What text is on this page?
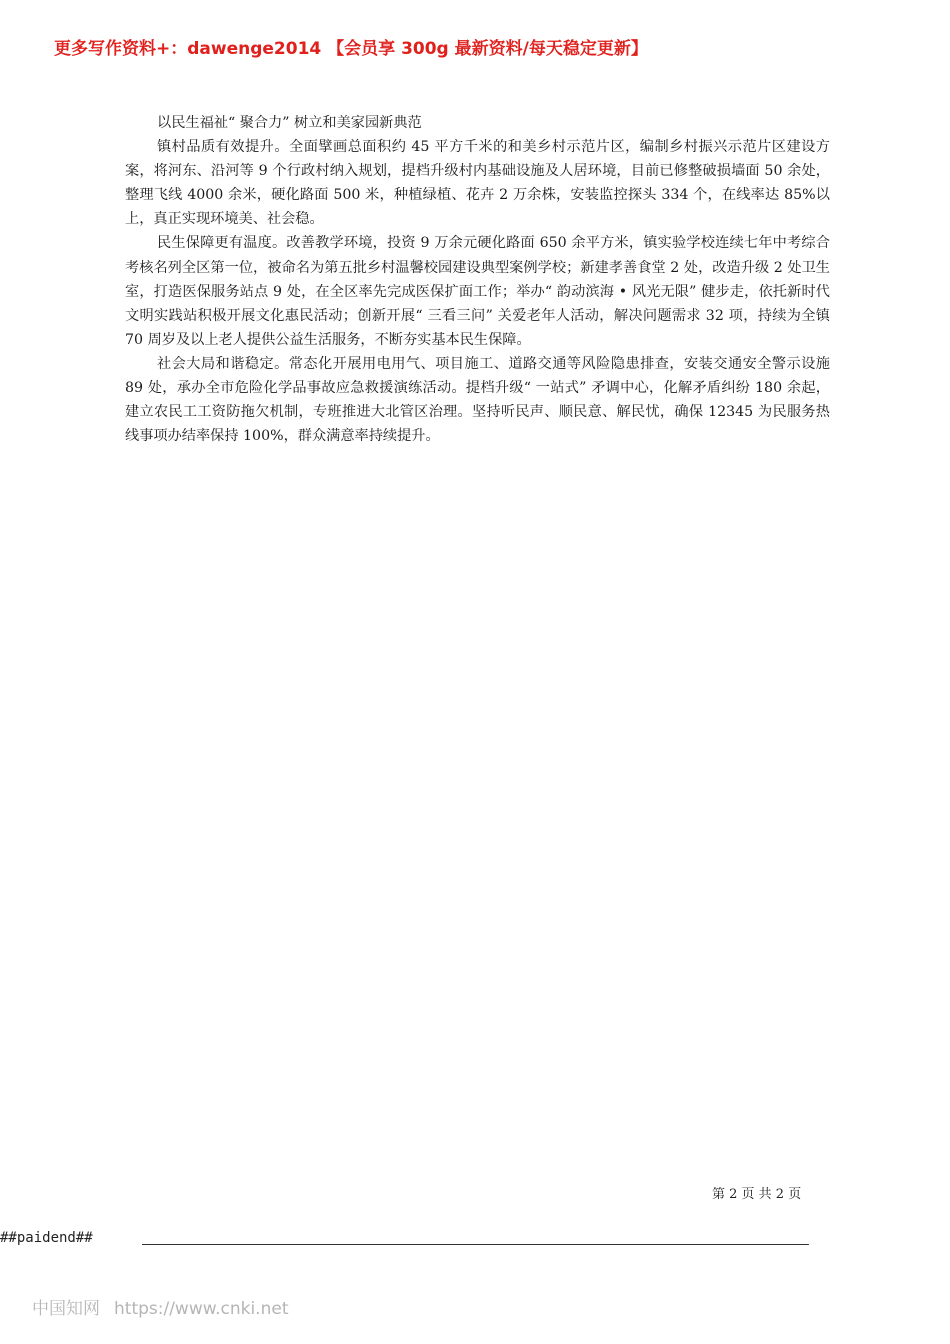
更多写作资料+：dawenge2014 【会员享 300g 最新资料/每天稳定更新】

以民生福祉“ 聚合力” 树立和美家园新典范

镇村品质有效提升。全面擘画总面积约 45 平方千米的和美乡村示范片区，编制乡村振兴示范片区建设方案，将河东、沿河等 9 个行政村纳入规划，提档升级村内基础设施及人居环境，目前已修整破损墙面 50 余处，整理飞线 4000 余米，硬化路面 500 米，种植绿植、花卉 2 万余株，安装监控探头 334 个，在线率达 85%以上，真正实现环境美、社会稳。

民生保障更有温度。改善教学环境，投资 9 万余元硬化路面 650 余平方米，镇实验学校连续七年中考综合考核名列全区第一位，被命名为第五批乡村温馨校园建设典型案例学校；新建孝善食堂 2 处，改造升级 2 处卫生室，打造医保服务站点 9 处，在全区率先完成医保扩面工作；举办“ 韵动滨海 • 风光无限” 健步走，依托新时代文明实践站积极开展文化惠民活动；创新开展“ 三看三问” 关爱老年人活动，解决问题需求 32 项，持续为全镇 70 周岁及以上老人提供公益生活服务，不断夯实基本民生保障。

社会大局和谐稳定。常态化开展用电用气、项目施工、道路交通等风险隐患排查，安装交通安全警示设施 89 处，承办全市危险化学品事故应急救援演练活动。提档升级“ 一站式” 矛调中心，化解矛盾纠纷 180 余起，建立农民工工资防拖欠机制，专班推进大北管区治理。坚持听民声、顺民意、解民忧，确保 12345 为民服务热线事项办结率保持 100%，群众满意率持续提升。

第 2 页 共 2 页
##paidend##
中国知网 https://www.cnki.net
